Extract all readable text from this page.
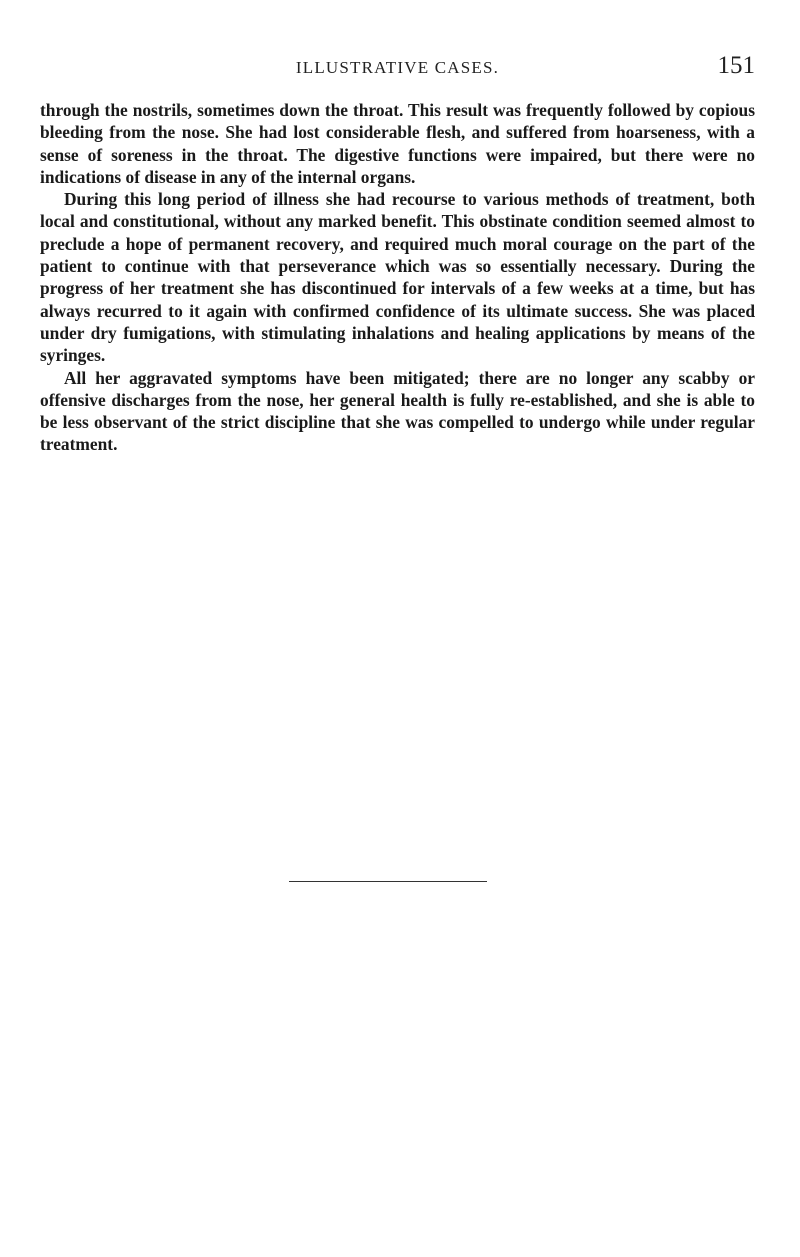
ILLUSTRATIVE CASES.	151

through the nostrils, sometimes down the throat. This result was frequently followed by copious bleeding from the nose. She had lost considerable flesh, and suffered from hoarseness, with a sense of soreness in the throat. The digestive functions were impaired, but there were no indications of disease in any of the internal organs.

During this long period of illness she had recourse to various methods of treatment, both local and constitutional, without any marked benefit. This obstinate condition seemed almost to preclude a hope of permanent recovery, and required much moral courage on the part of the patient to continue with that perseverance which was so essentially necessary. During the progress of her treatment she has discontinued for intervals of a few weeks at a time, but has always recurred to it again with confirmed confidence of its ultimate success. She was placed under dry fumigations, with stimulating inhalations and healing applications by means of the syringes.

All her aggravated symptoms have been mitigated; there are no longer any scabby or offensive discharges from the nose, her general health is fully re-established, and she is able to be less observant of the strict discipline that she was compelled to undergo while under regular treatment.
